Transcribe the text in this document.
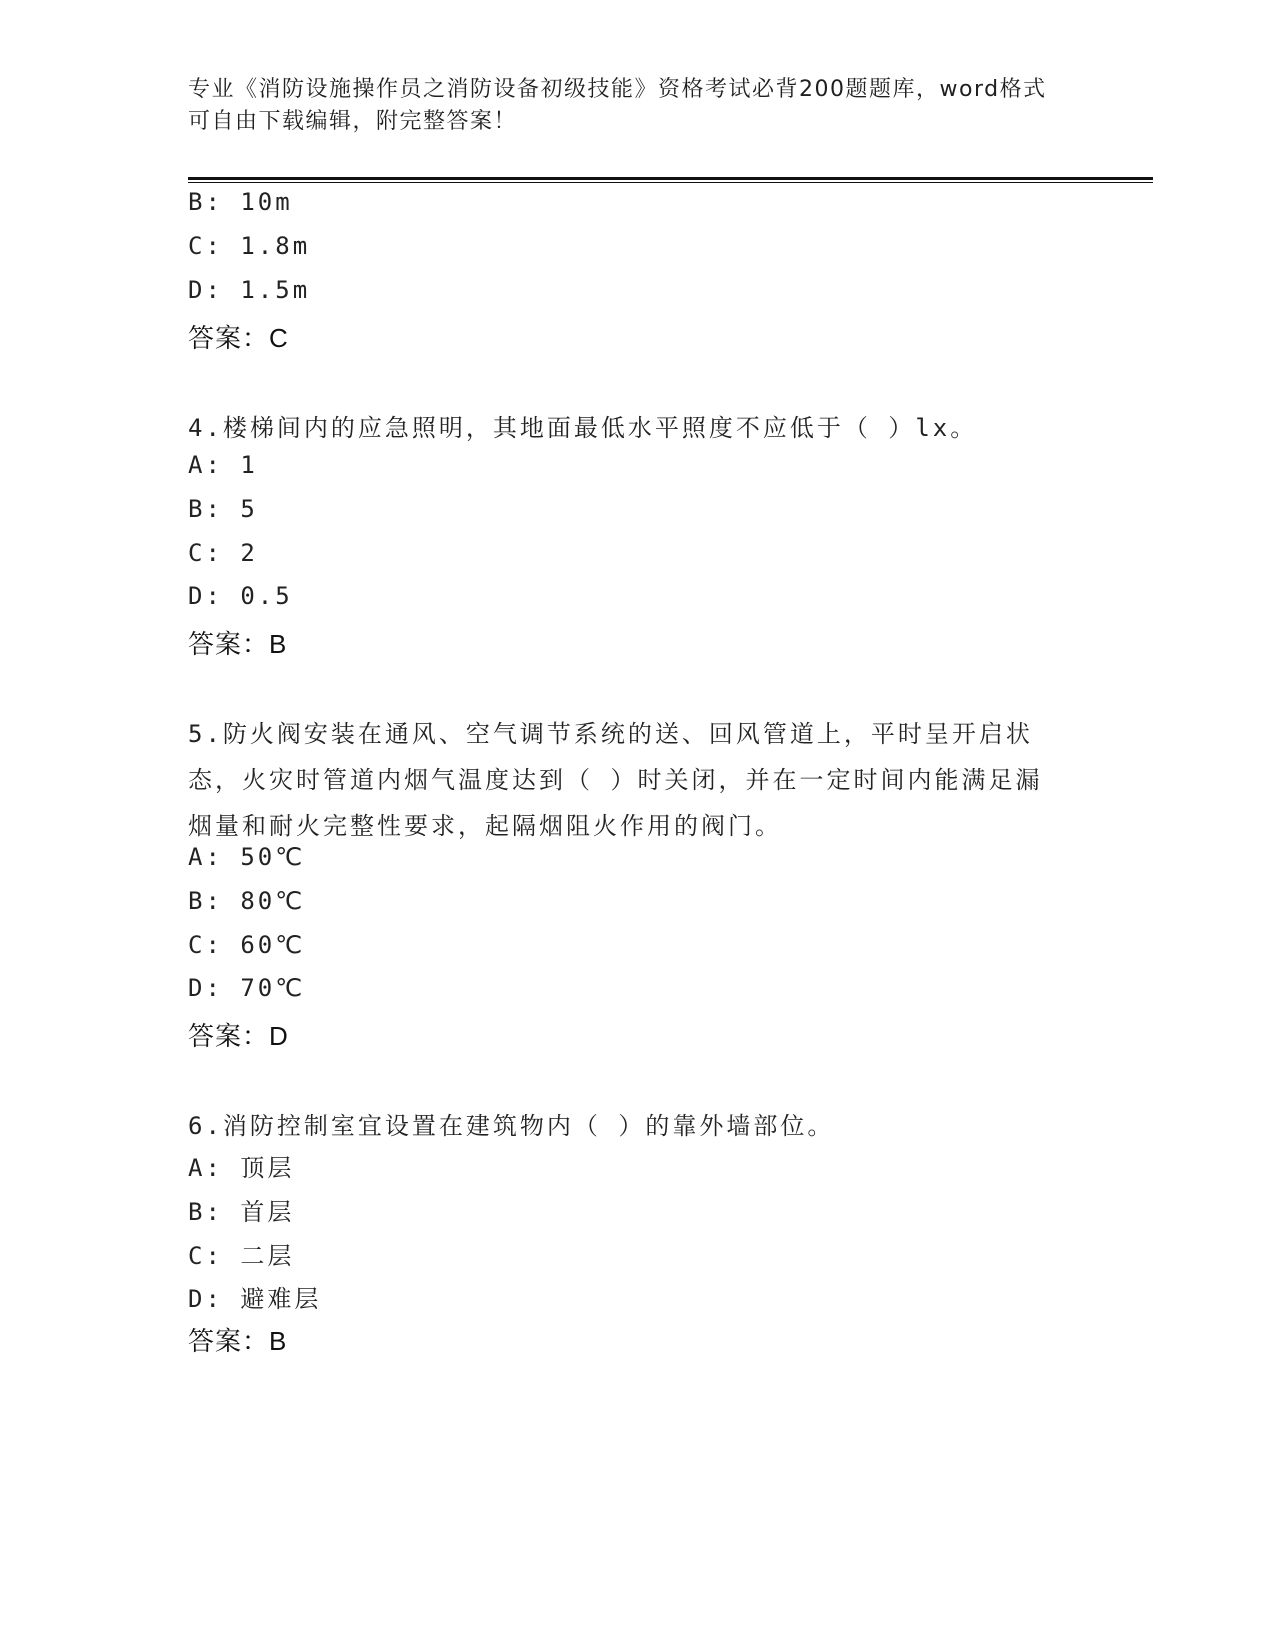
专业《消防设施操作员之消防设备初级技能》资格考试必背200题题库，word格式可自由下载编辑，附完整答案！
B: 10m
C: 1.8m
D: 1.5m
答案：C
4.楼梯间内的应急照明，其地面最低水平照度不应低于（ ）lx。
A: 1
B: 5
C: 2
D: 0.5
答案：B
5.防火阀安装在通风、空气调节系统的送、回风管道上，平时呈开启状态，火灾时管道内烟气温度达到（ ）时关闭，并在一定时间内能满足漏烟量和耐火完整性要求，起隔烟阻火作用的阀门。
A: 50℃
B: 80℃
C: 60℃
D: 70℃
答案：D
6.消防控制室宜设置在建筑物内（ ）的靠外墙部位。
A: 顶层
B: 首层
C: 二层
D: 避难层
答案：B
